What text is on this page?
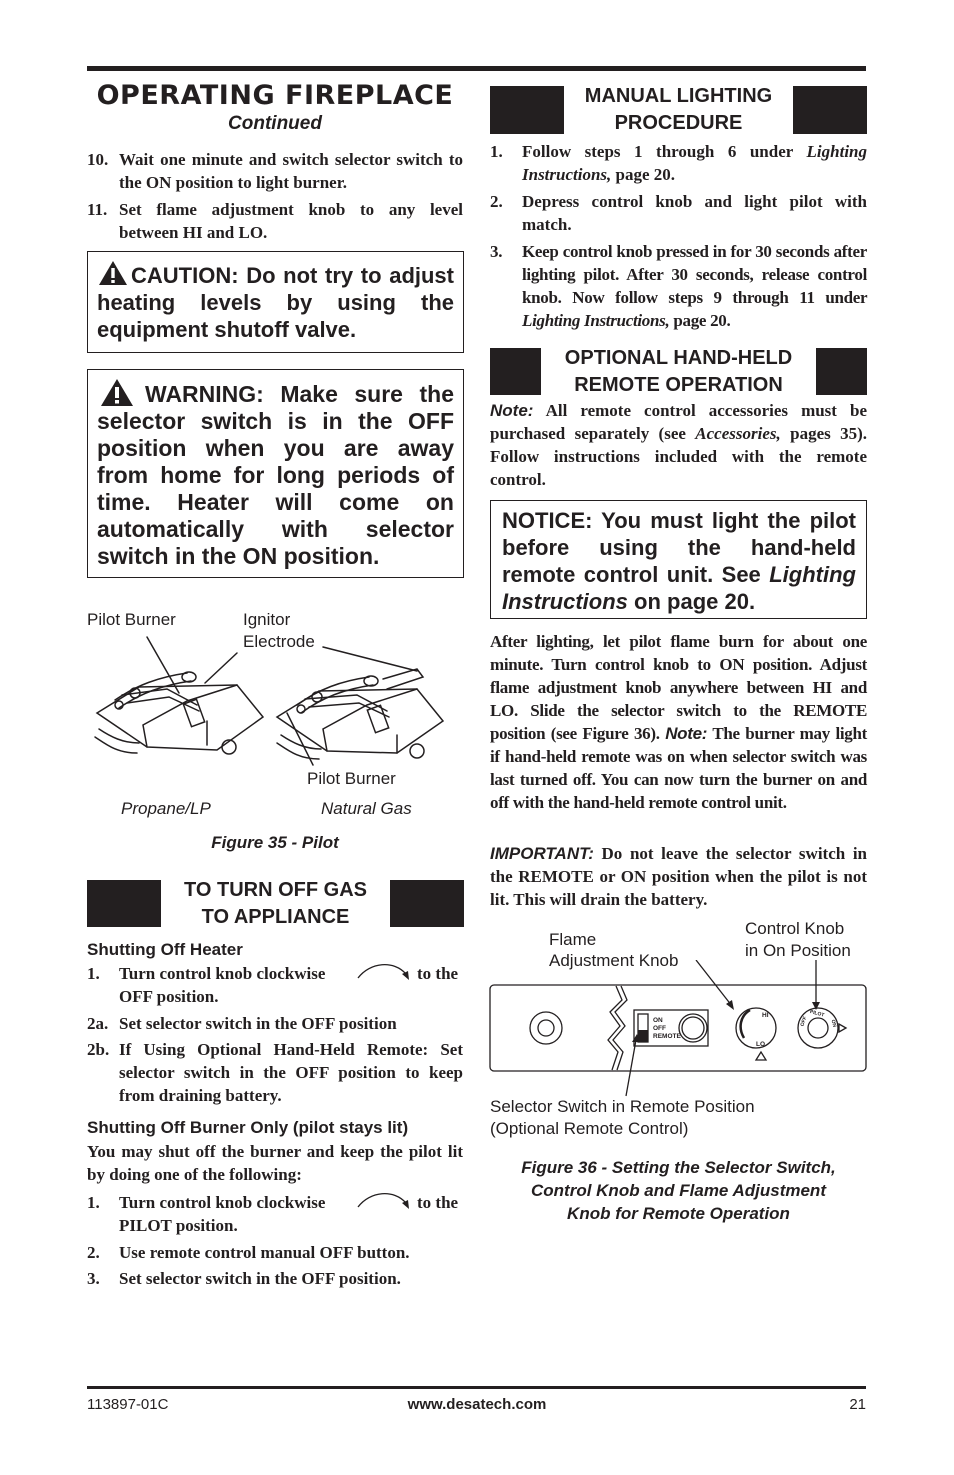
OPERATING FIREPLACE
Continued
10. Wait one minute and switch selector switch to the ON position to light burner.
11. Set flame adjustment knob to any level between HI and LO.
CAUTION: Do not try to adjust heating levels by using the equipment shutoff valve.
WARNING: Make sure the selector switch is in the OFF position when you are away from home for long periods of time. Heater will come on automatically with selector switch in the ON position.
Pilot Burner	Ignitor
Electrode
Pilot Burner
Propane/LP	Natural Gas
Figure 35 - Pilot
TO TURN OFF GAS
TO APPLIANCE
Shutting Off Heater
1. Turn control knob clockwise	to the
OFF position.
2a. Set selector switch in the OFF position
2b. If Using Optional Hand-Held Remote: Set selector switch in the OFF position to keep from draining battery.
Shutting Off Burner Only (pilot stays lit)
You may shut off the burner and keep the pilot lit by doing one of the following:
1. Turn control knob clockwise	to the
PILOT position.
2. Use remote control manual OFF button.
3. Set selector switch in the OFF position.
MANUAL LIGHTING
PROCEDURE
1. Follow steps 1 through 6 under Lighting Instructions, page 20.
2. Depress control knob and light pilot with match.
3. Keep control knob pressed in for 30 seconds after lighting pilot. After 30 seconds, release control knob. Now follow steps 9 through 11 under Lighting Instructions, page 20.
OPTIONAL HAND-HELD
REMOTE OPERATION
Note: All remote control accessories must be purchased separately (see Accessories, pages 35). Follow instructions included with the remote control.
NOTICE: You must light the pilot before using the hand-held remote control unit. See Lighting Instructions on page 20.
After lighting, let pilot flame burn for about one minute. Turn control knob to ON position. Adjust flame adjustment knob anywhere between HI and LO. Slide the selector switch to the REMOTE position (see Figure 36). Note: The burner may light if hand-held remote was on when selector switch was last turned off. You can now turn the burner on and off with the hand-held remote control unit.
IMPORTANT: Do not leave the selector switch in the REMOTE or ON position when the pilot is not lit. This will drain the battery.
Flame
Adjustment Knob
Control Knob
in On Position
ON
OFF
REMOTE
HI
LO
OFF
PILOT
ON
Selector Switch in Remote Position
(Optional Remote Control)
Figure 36 - Setting the Selector Switch,
Control Knob and Flame Adjustment
Knob for Remote Operation
113897-01C	www.desatech.com	21
